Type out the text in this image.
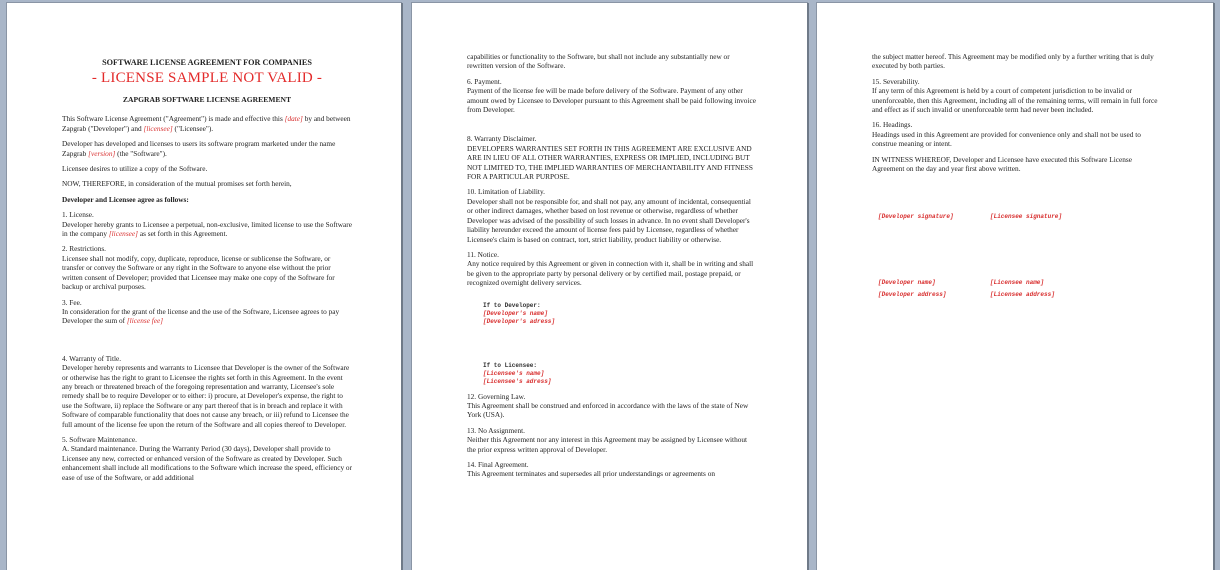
SOFTWARE LICENSE AGREEMENT FOR COMPANIES
- LICENSE SAMPLE NOT VALID -
ZAPGRAB SOFTWARE LICENSE AGREEMENT

This Software License Agreement ("Agreement") is made and effective this [date] by and between Zapgrab ("Developer") and [licensee] ("Licensee").

Developer has developed and licenses to users its software program marketed under the name Zapgrab [version] (the "Software").

Licensee desires to utilize a copy of the Software.

NOW, THEREFORE, in consideration of the mutual promises set forth herein,

Developer and Licensee agree as follows:

1. License.

Developer hereby grants to Licensee a perpetual, non-exclusive, limited license to use the Software in the company [licensee] as set forth in this Agreement.

2. Restrictions.

Licensee shall not modify, copy, duplicate, reproduce, license or sublicense the Software, or transfer or convey the Software or any right in the Software to anyone else without the prior written consent of Developer; provided that Licensee may make one copy of the Software for backup or archival purposes.

3. Fee.

In consideration for the grant of the license and the use of the Software, Licensee agrees to pay Developer the sum of [license fee]

4. Warranty of Title.

Developer hereby represents and warrants to Licensee that Developer is the owner of the Software or otherwise has the right to grant to Licensee the rights set forth in this Agreement. In the event any breach or threatened breach of the foregoing representation and warranty, Licensee's sole remedy shall be to require Developer or to either: i) procure, at Developer's expense, the right to use the Software, ii) replace the Software or any part thereof that is in breach and replace it with Software of comparable functionality that does not cause any breach, or iii) refund to Licensee the full amount of the license fee upon the return of the Software and all copies thereof to Developer.

5. Software Maintenance.

A. Standard maintenance. During the Warranty Period (30 days), Developer shall provide to Licensee any new, corrected or enhanced version of the Software as created by Developer. Such enhancement shall include all modifications to the Software which increase the speed, efficiency or ease of use of the Software, or add additional

capabilities or functionality to the Software, but shall not include any substantially new or rewritten version of the Software.

6. Payment.

Payment of the license fee will be made before delivery of the Software. Payment of any other amount owed by Licensee to Developer pursuant to this Agreement shall be paid following invoice from Developer.

8. Warranty Disclaimer.

DEVELOPERS WARRANTIES SET FORTH IN THIS AGREEMENT ARE EXCLUSIVE AND ARE IN LIEU OF ALL OTHER WARRANTIES, EXPRESS OR IMPLIED, INCLUDING BUT NOT LIMITED TO, THE IMPLIED WARRANTIES OF MERCHANTABILITY AND FITNESS FOR A PARTICULAR PURPOSE.

10. Limitation of Liability.

Developer shall not be responsible for, and shall not pay, any amount of incidental, consequential or other indirect damages, whether based on lost revenue or otherwise, regardless of whether Developer was advised of the possibility of such losses in advance. In no event shall Developer's liability hereunder exceed the amount of license fees paid by Licensee, regardless of whether Licensee's claim is based on contract, tort, strict liability, product liability or otherwise.

11. Notice.

Any notice required by this Agreement or given in connection with it, shall be in writing and shall be given to the appropriate party by personal delivery or by certified mail, postage prepaid, or recognized overnight delivery services.

If to Developer:
[Developer's name]
[Developer's adress]
If to Licensee:
[Licensee's name]
[Licensee's adress]
12. Governing Law.

This Agreement shall be construed and enforced in accordance with the laws of the state of New York (USA).

13. No Assignment.

Neither this Agreement nor any interest in this Agreement may be assigned by Licensee without the prior express written approval of Developer.

14. Final Agreement.

This Agreement terminates and supersedes all prior understandings or agreements on

the subject matter hereof. This Agreement may be modified only by a further writing that is duly executed by both parties.

15. Severability.

If any term of this Agreement is held by a court of competent jurisdiction to be invalid or unenforceable, then this Agreement, including all of the remaining terms, will remain in full force and effect as if such invalid or unenforceable term had never been included.

16. Headings.

Headings used in this Agreement are provided for convenience only and shall not be used to construe meaning or intent.

IN WITNESS WHEREOF, Developer and Licensee have executed this Software License Agreement on the day and year first above written.

[Developer signature]	[Licensee signature]
[Developer name]	[Licensee name]
[Developer address]	[Licensee address]
